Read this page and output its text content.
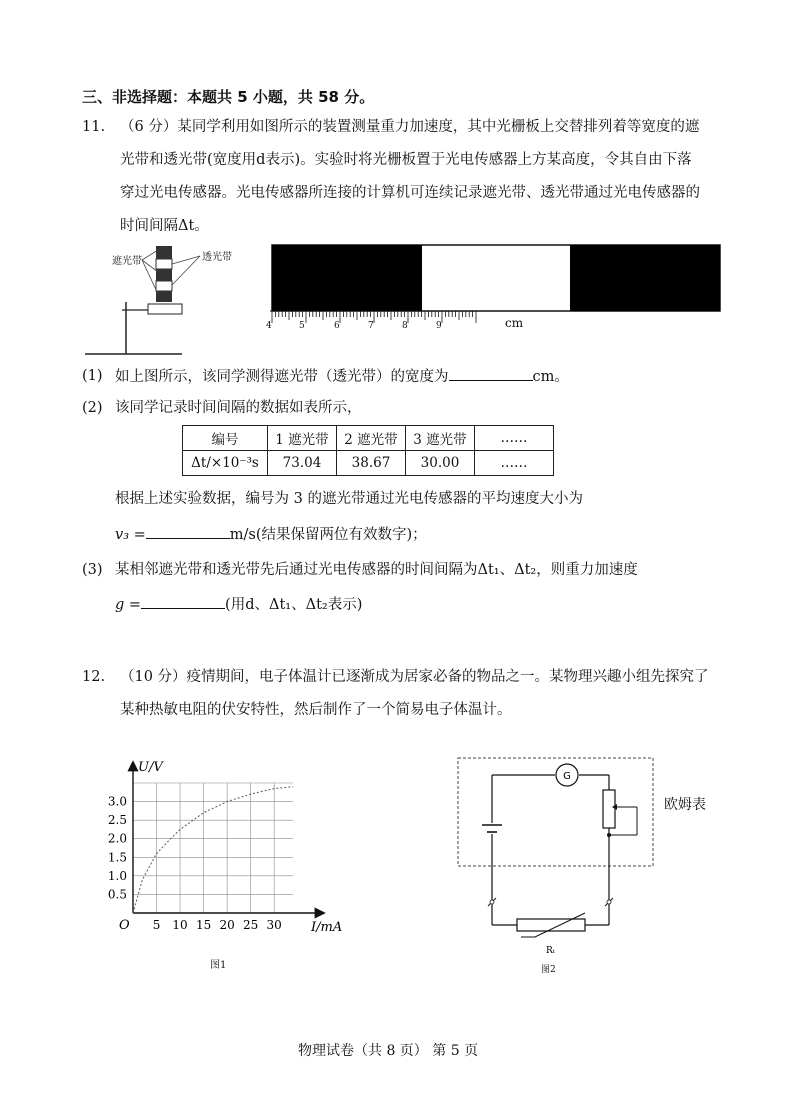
三、非选择题：本题共 5 小题，共 58 分。
11. （6 分）某同学利用如图所示的装置测量重力加速度，其中光栅板上交替排列着等宽度的遮
光带和透光带(宽度用d表示)。实验时将光栅板置于光电传感器上方某高度，令其自由下落
穿过光电传感器。光电传感器所连接的计算机可连续记录遮光带、透光带通过光电传感器的
时间间隔Δt。
遮光带	透光带
4	5	6	7	8	9	cm
(1) 如上图所示，该同学测得遮光带（透光带）的宽度为	cm。
(2) 该同学记录时间间隔的数据如表所示，
编号	1 遮光带	2 遮光带	3 遮光带	……
Δt/×10⁻³s	73.04	38.67	30.00	……
根据上述实验数据，编号为 3 的遮光带通过光电传感器的平均速度大小为
v₃ =	m/s(结果保留两位有效数字)；
(3) 某相邻遮光带和透光带先后通过光电传感器的时间间隔为Δt₁、Δt₂，则重力加速度
g =	(用d、Δt₁、Δt₂表示)
12. （10 分）疫情期间，电子体温计已逐渐成为居家必备的物品之一。某物理兴趣小组先探究了
某种热敏电阻的伏安特性，然后制作了一个简易电子体温计。
5 10 15 20 25 30
0.5
1.0
1.5
2.0
2.5
3.0
U/V
I/mA
O
图1
G
Rₜ
欧姆表
图2
物理试卷（共 8 页） 第 5 页
